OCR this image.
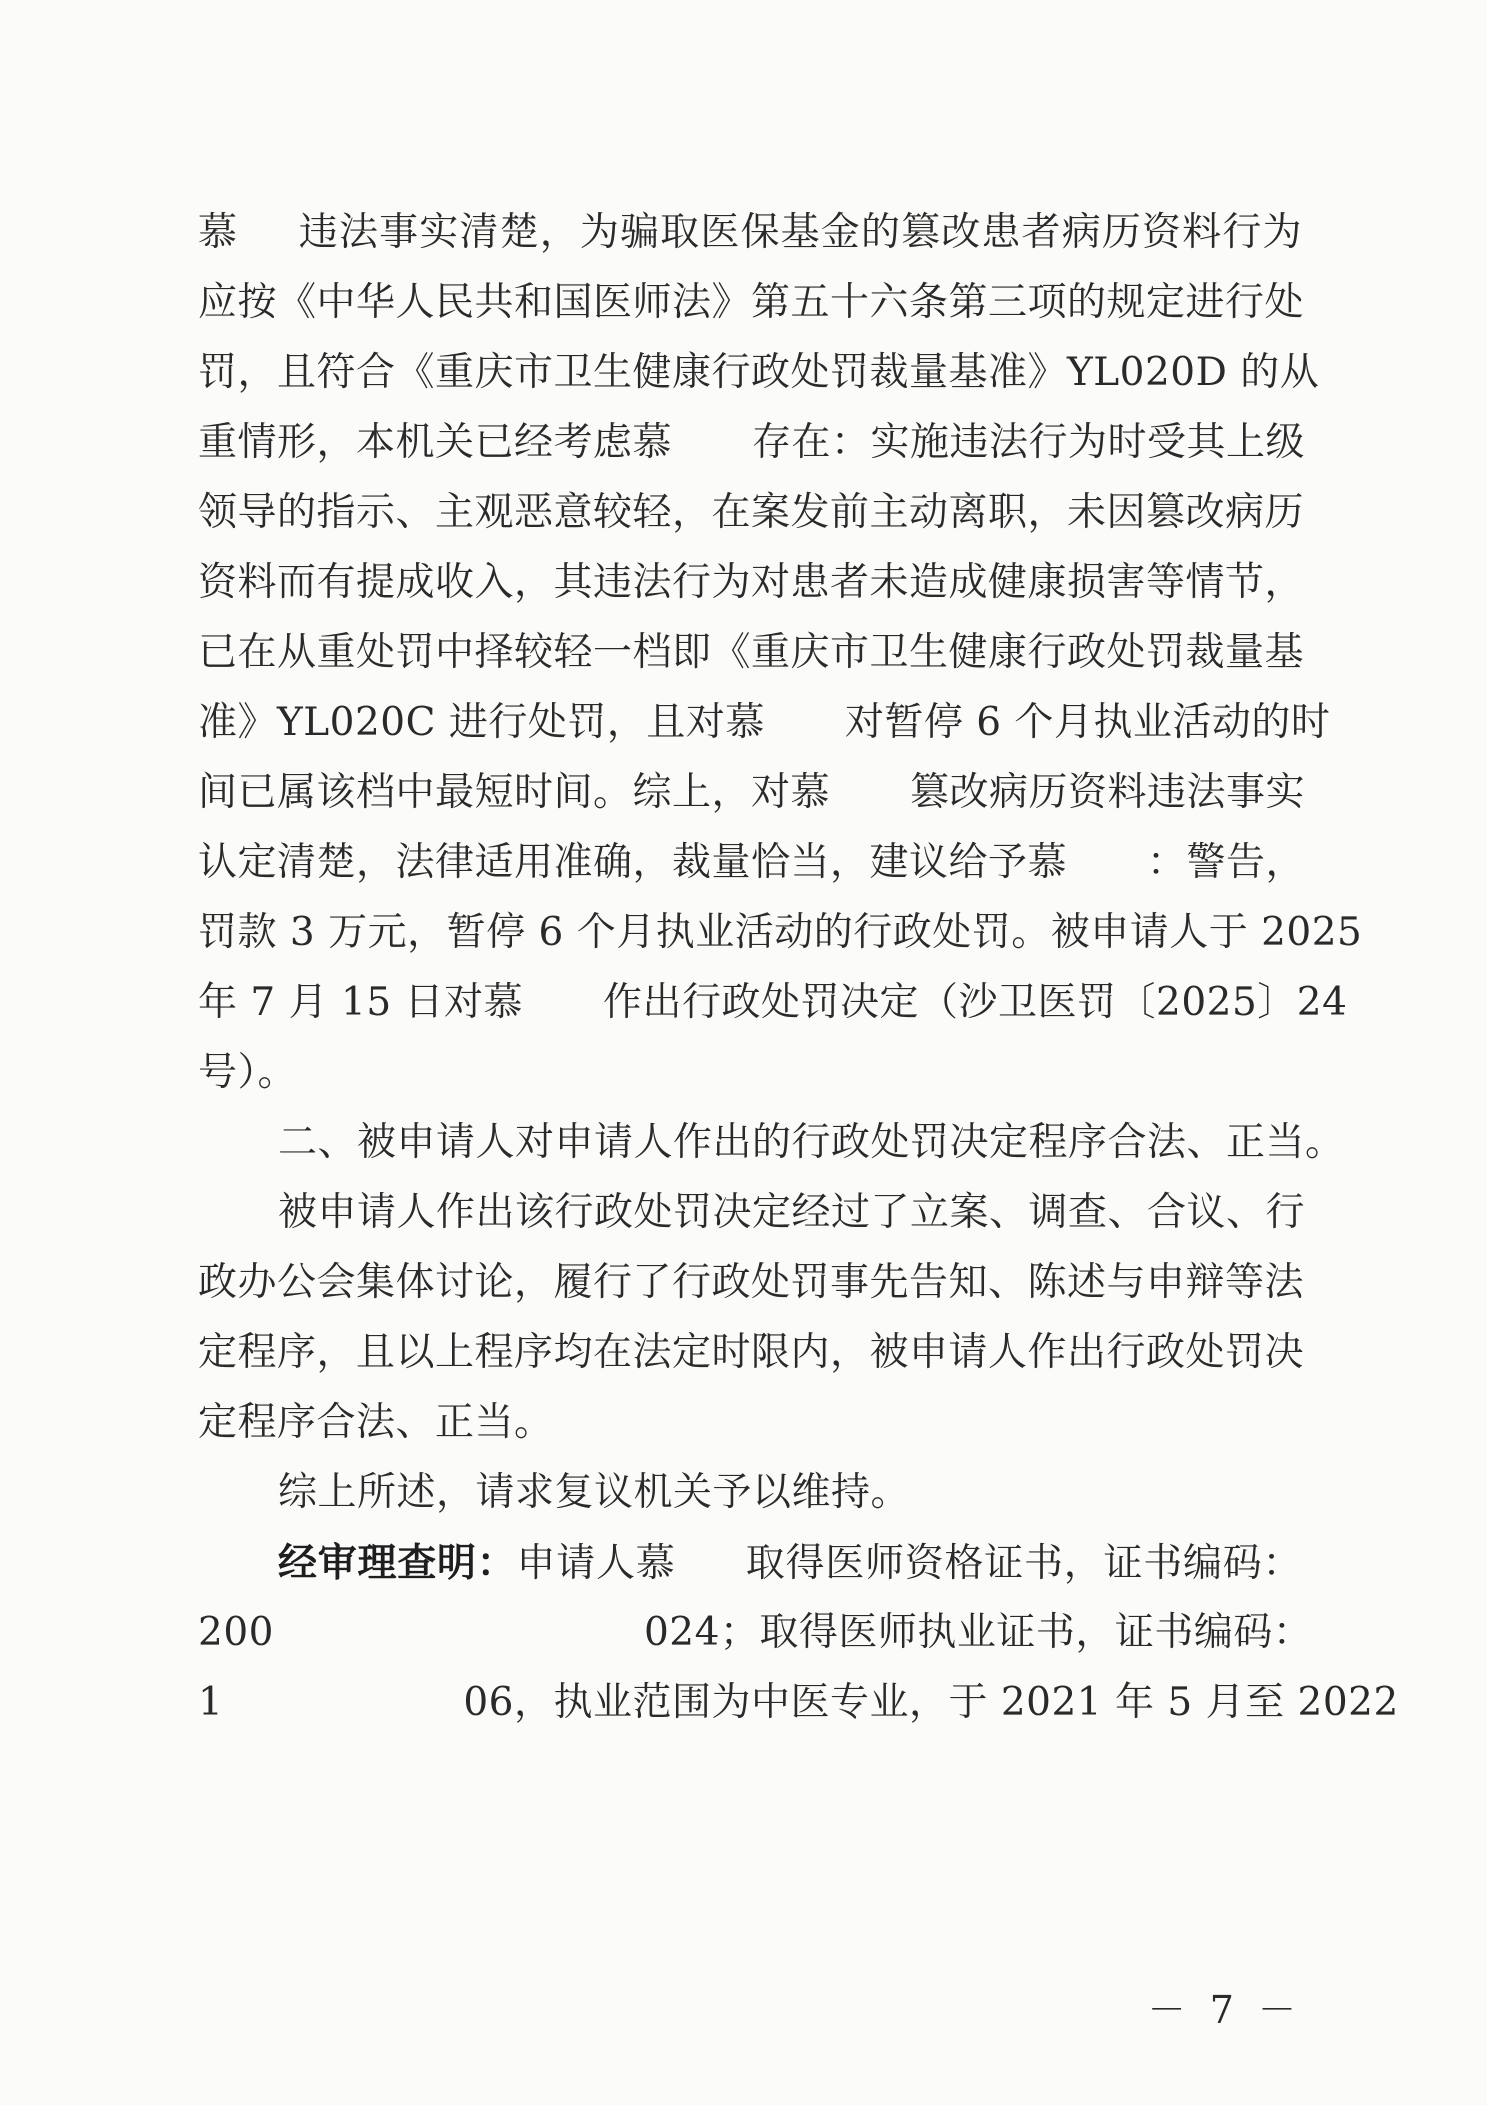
慕 违法事实清楚，为骗取医保基金的篡改患者病历资料行为
应按《中华人民共和国医师法》第五十六条第三项的规定进行处
罚，且符合《重庆市卫生健康行政处罚裁量基准》YL020D 的从
重情形，本机关已经考虑慕 存在：实施违法行为时受其上级
领导的指示、主观恶意较轻，在案发前主动离职，未因篡改病历
资料而有提成收入，其违法行为对患者未造成健康损害等情节，
已在从重处罚中择较轻一档即《重庆市卫生健康行政处罚裁量基
准》YL020C 进行处罚，且对慕 对暂停 6 个月执业活动的时
间已属该档中最短时间。综上，对慕 篡改病历资料违法事实
认定清楚，法律适用准确，裁量恰当，建议给予慕 ：警告，
罚款 3 万元，暂停 6 个月执业活动的行政处罚。被申请人于 2025
年 7 月 15 日对慕 作出行政处罚决定（沙卫医罚〔2025〕24
号）。
二、被申请人对申请人作出的行政处罚决定程序合法、正当。
被申请人作出该行政处罚决定经过了立案、调查、合议、行
政办公会集体讨论，履行了行政处罚事先告知、陈述与申辩等法
定程序，且以上程序均在法定时限内，被申请人作出行政处罚决
定程序合法、正当。
综上所述，请求复议机关予以维持。
经审理查明：申请人慕 取得医师资格证书，证书编码：
200	024；取得医师执业证书，证书编码：
1	06，执业范围为中医专业，于 2021 年 5 月至 2022
－ 7 －
